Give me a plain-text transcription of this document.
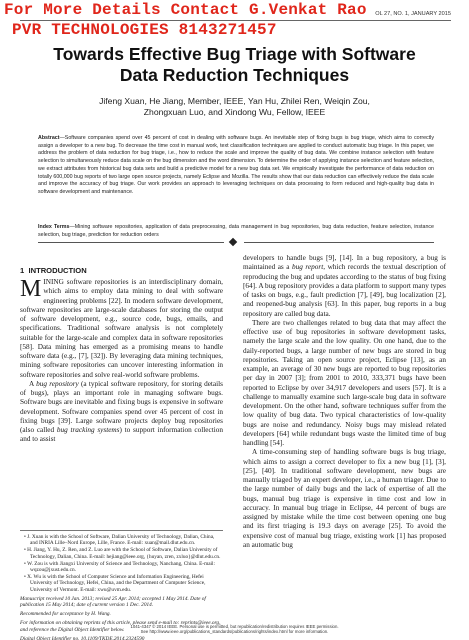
For More Details Contact G.Venkat Rao
PVR TECHNOLOGIES 8143271457
OL 27, NO. 1, JANUARY 2015
Towards Effective Bug Triage with Software
Data Reduction Techniques
Jifeng Xuan, He Jiang, Member, IEEE, Yan Hu, Zhilei Ren, Weiqin Zou,
Zhongxuan Luo, and Xindong Wu, Fellow, IEEE
Abstract—Software companies spend over 45 percent of cost in dealing with software bugs. An inevitable step of fixing bugs is bug triage, which aims to correctly assign a developer to a new bug. To decrease the time cost in manual work, text classification techniques are applied to conduct automatic bug triage. In this paper, we address the problem of data reduction for bug triage, i.e., how to reduce the scale and improve the quality of bug data. We combine instance selection with feature selection to simultaneously reduce data scale on the bug dimension and the word dimension. To determine the order of applying instance selection and feature selection, we extract attributes from historical bug data sets and build a predictive model for a new bug data set. We empirically investigate the performance of data reduction on totally 600,000 bug reports of two large open source projects, namely Eclipse and Mozilla. The results show that our data reduction can effectively reduce the data scale and improve the accuracy of bug triage. Our work provides an approach to leveraging techniques on data processing to form reduced and high-quality bug data in software development and maintenance.
Index Terms—Mining software repositories, application of data preprocessing, data management in bug repositories, bug data reduction, feature selection, instance selection, bug triage, prediction for reduction orders
1 INTRODUCTION

MINING software repositories is an interdisciplinary domain, which aims to employ data mining to deal with software engineering problems [22]. In modern software development, software repositories are large-scale databases for storing the output of software development, e.g., source code, bugs, emails, and specifications. Traditional software analysis is not completely suitable for the large-scale and complex data in software repositories [58]. Data mining has emerged as a promising means to handle software data (e.g., [7], [32]). By leveraging data mining techniques, mining software repositories can uncover interesting information in software repositories and solve real-world software problems.

A bug repository (a typical software repository, for storing details of bugs), plays an important role in managing software bugs. Software bugs are inevitable and fixing bugs is expensive in software development. Software companies spend over 45 percent of cost in fixing bugs [39]. Large software projects deploy bug repositories (also called bug tracking systems) to support information collection and to assist

• J. Xuan is with the School of Software, Dalian University of Technology, Dalian, China, and INRIA Lille–Nord Europe, Lille, France. E-mail: xuan@mail.dlut.edu.cn.
• H. Jiang, Y. Hu, Z. Ren, and Z. Luo are with the School of Software, Dalian University of Technology, Dalian, China. E-mail: hejiang@ieee.org, {huyan, zren, zxluo}@dlut.edu.cn.
• W. Zou is with Jiangxi University of Science and Technology, Nanchang, China. E-mail: wqzou@jxust.edu.cn.
• X. Wu is with the School of Computer Science and Information Engineering, Hefei University of Technology, Hefei, China, and the Department of Computer Science, University of Vermont. E-mail: xwu@uvm.edu.
Manuscript received 10 Jan. 2013; revised 25 Apr. 2014; accepted 1 May 2014. Date of publication 15 May 2014; date of current version 1 Dec. 2014.
Recommended for acceptance by H. Wang.
For information on obtaining reprints of this article, please send e-mail to: reprints@ieee.org, and reference the Digital Object Identifier below.
Digital Object Identifier no. 10.1109/TKDE.2014.2324590

developers to handle bugs [9], [14]. In a bug repository, a bug is maintained as a bug report, which records the textual description of reproducing the bug and updates according to the status of bug fixing [64]. A bug repository provides a data platform to support many types of tasks on bugs, e.g., fault prediction [7], [49], bug localization [2], and reopened-bug analysis [63]. In this paper, bug reports in a bug repository are called bug data.

There are two challenges related to bug data that may affect the effective use of bug repositories in software development tasks, namely the large scale and the low quality. On one hand, due to the daily-reported bugs, a large number of new bugs are stored in bug repositories. Taking an open source project, Eclipse [13], as an example, an average of 30 new bugs are reported to bug repositories per day in 2007 [3]; from 2001 to 2010, 333,371 bugs have been reported to Eclipse by over 34,917 developers and users [57]. It is a challenge to manually examine such large-scale bug data in software development. On the other hand, software techniques suffer from the low quality of bug data. Two typical characteristics of low-quality bugs are noise and redundancy. Noisy bugs may mislead related developers [64] while redundant bugs waste the limited time of bug handling [54].

A time-consuming step of handling software bugs is bug triage, which aims to assign a correct developer to fix a new bug [1], [3], [25], [40]. In traditional software development, new bugs are manually triaged by an expert developer, i.e., a human triager. Due to the large number of daily bugs and the lack of expertise of all the bugs, manual bug triage is expensive in time cost and low in accuracy. In manual bug triage in Eclipse, 44 percent of bugs are assigned by mistake while the time cost between opening one bug and its first triaging is 19.3 days on average [25]. To avoid the expensive cost of manual bug triage, existing work [1] has proposed an automatic bug

1041-4347 © 2014 IEEE. Personal use is permitted, but republication/redistribution requires IEEE permission.
See http://www.ieee.org/publications_standards/publications/rights/index.html for more information.
